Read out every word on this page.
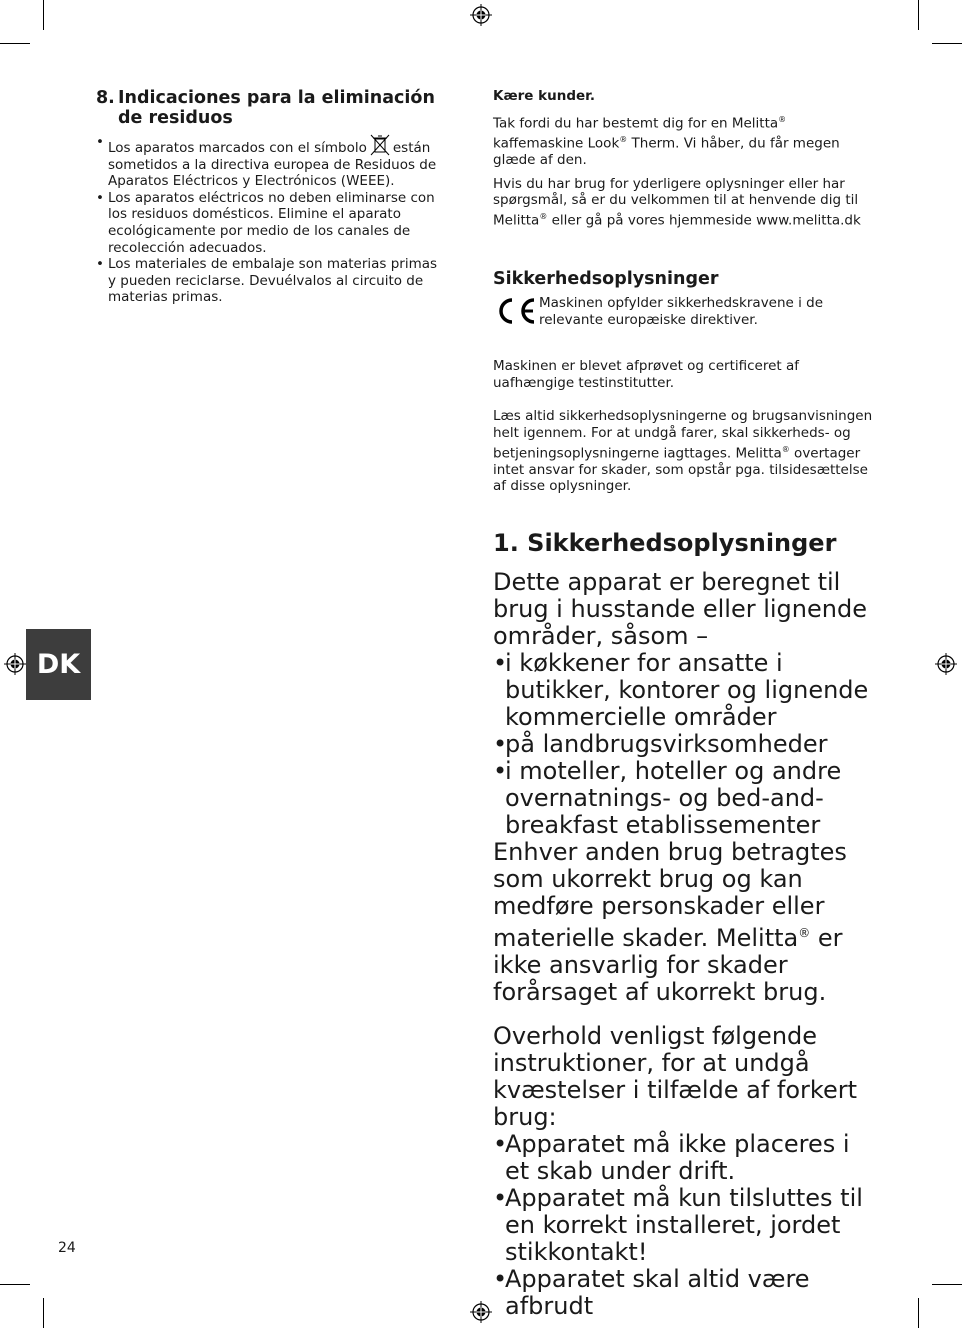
8. Indicaciones para la eliminación de residuos
• Los aparatos marcados con el símbolo están sometidos a la directiva europea de Residuos de Aparatos Eléctricos y Electrónicos (WEEE).
• Los aparatos eléctricos no deben eliminarse con los residuos domésticos. Elimine el aparato ecológicamente por medio de los canales de recolección adecuados.
• Los materiales de embalaje son materias primas y pueden reciclarse. Devuélvalos al circuito de materias primas.

Kære kunder.

Tak fordi du har bestemt dig for en Melitta® kaffemaskine Look® Therm. Vi håber, du får megen glæde af den.

Hvis du har brug for yderligere oplysninger eller har spørgsmål, så er du velkommen til at henvende dig til Melitta® eller gå på vores hjemmeside www.melitta.dk

Sikkerhedsoplysninger
Maskinen opfylder sikkerhedskravene i de relevante europæiske direktiver.

Maskinen er blevet afprøvet og certificeret af uafhængige testinstitutter.

Læs altid sikkerhedsoplysningerne og brugsanvisningen helt igennem. For at undgå farer, skal sikkerheds- og betjeningsoplysningerne iagttages. Melitta® overtager intet ansvar for skader, som opstår pga. tilsidesættelse af disse oplysninger.

1. Sikkerhedsoplysninger

Dette apparat er beregnet til brug i husstande eller lignende områder, såsom –

• i køkkener for ansatte i butikker, kontorer og lignende kommercielle områder
• på landbrugsvirksomheder
• i moteller, hoteller og andre overnatnings- og bed-and-breakfast etablissementer

Enhver anden brug betragtes som ukorrekt brug og kan medføre personskader eller materielle skader. Melitta® er ikke ansvarlig for skader forårsaget af ukorrekt brug.

Overhold venligst følgende instruktioner, for at undgå kvæstelser i tilfælde af forkert brug:

• Apparatet må ikke placeres i et skab under drift.
• Apparatet må kun tilsluttes til en korrekt installeret, jordet stikkontakt!
• Apparatet skal altid være afbrudt
DK
24
